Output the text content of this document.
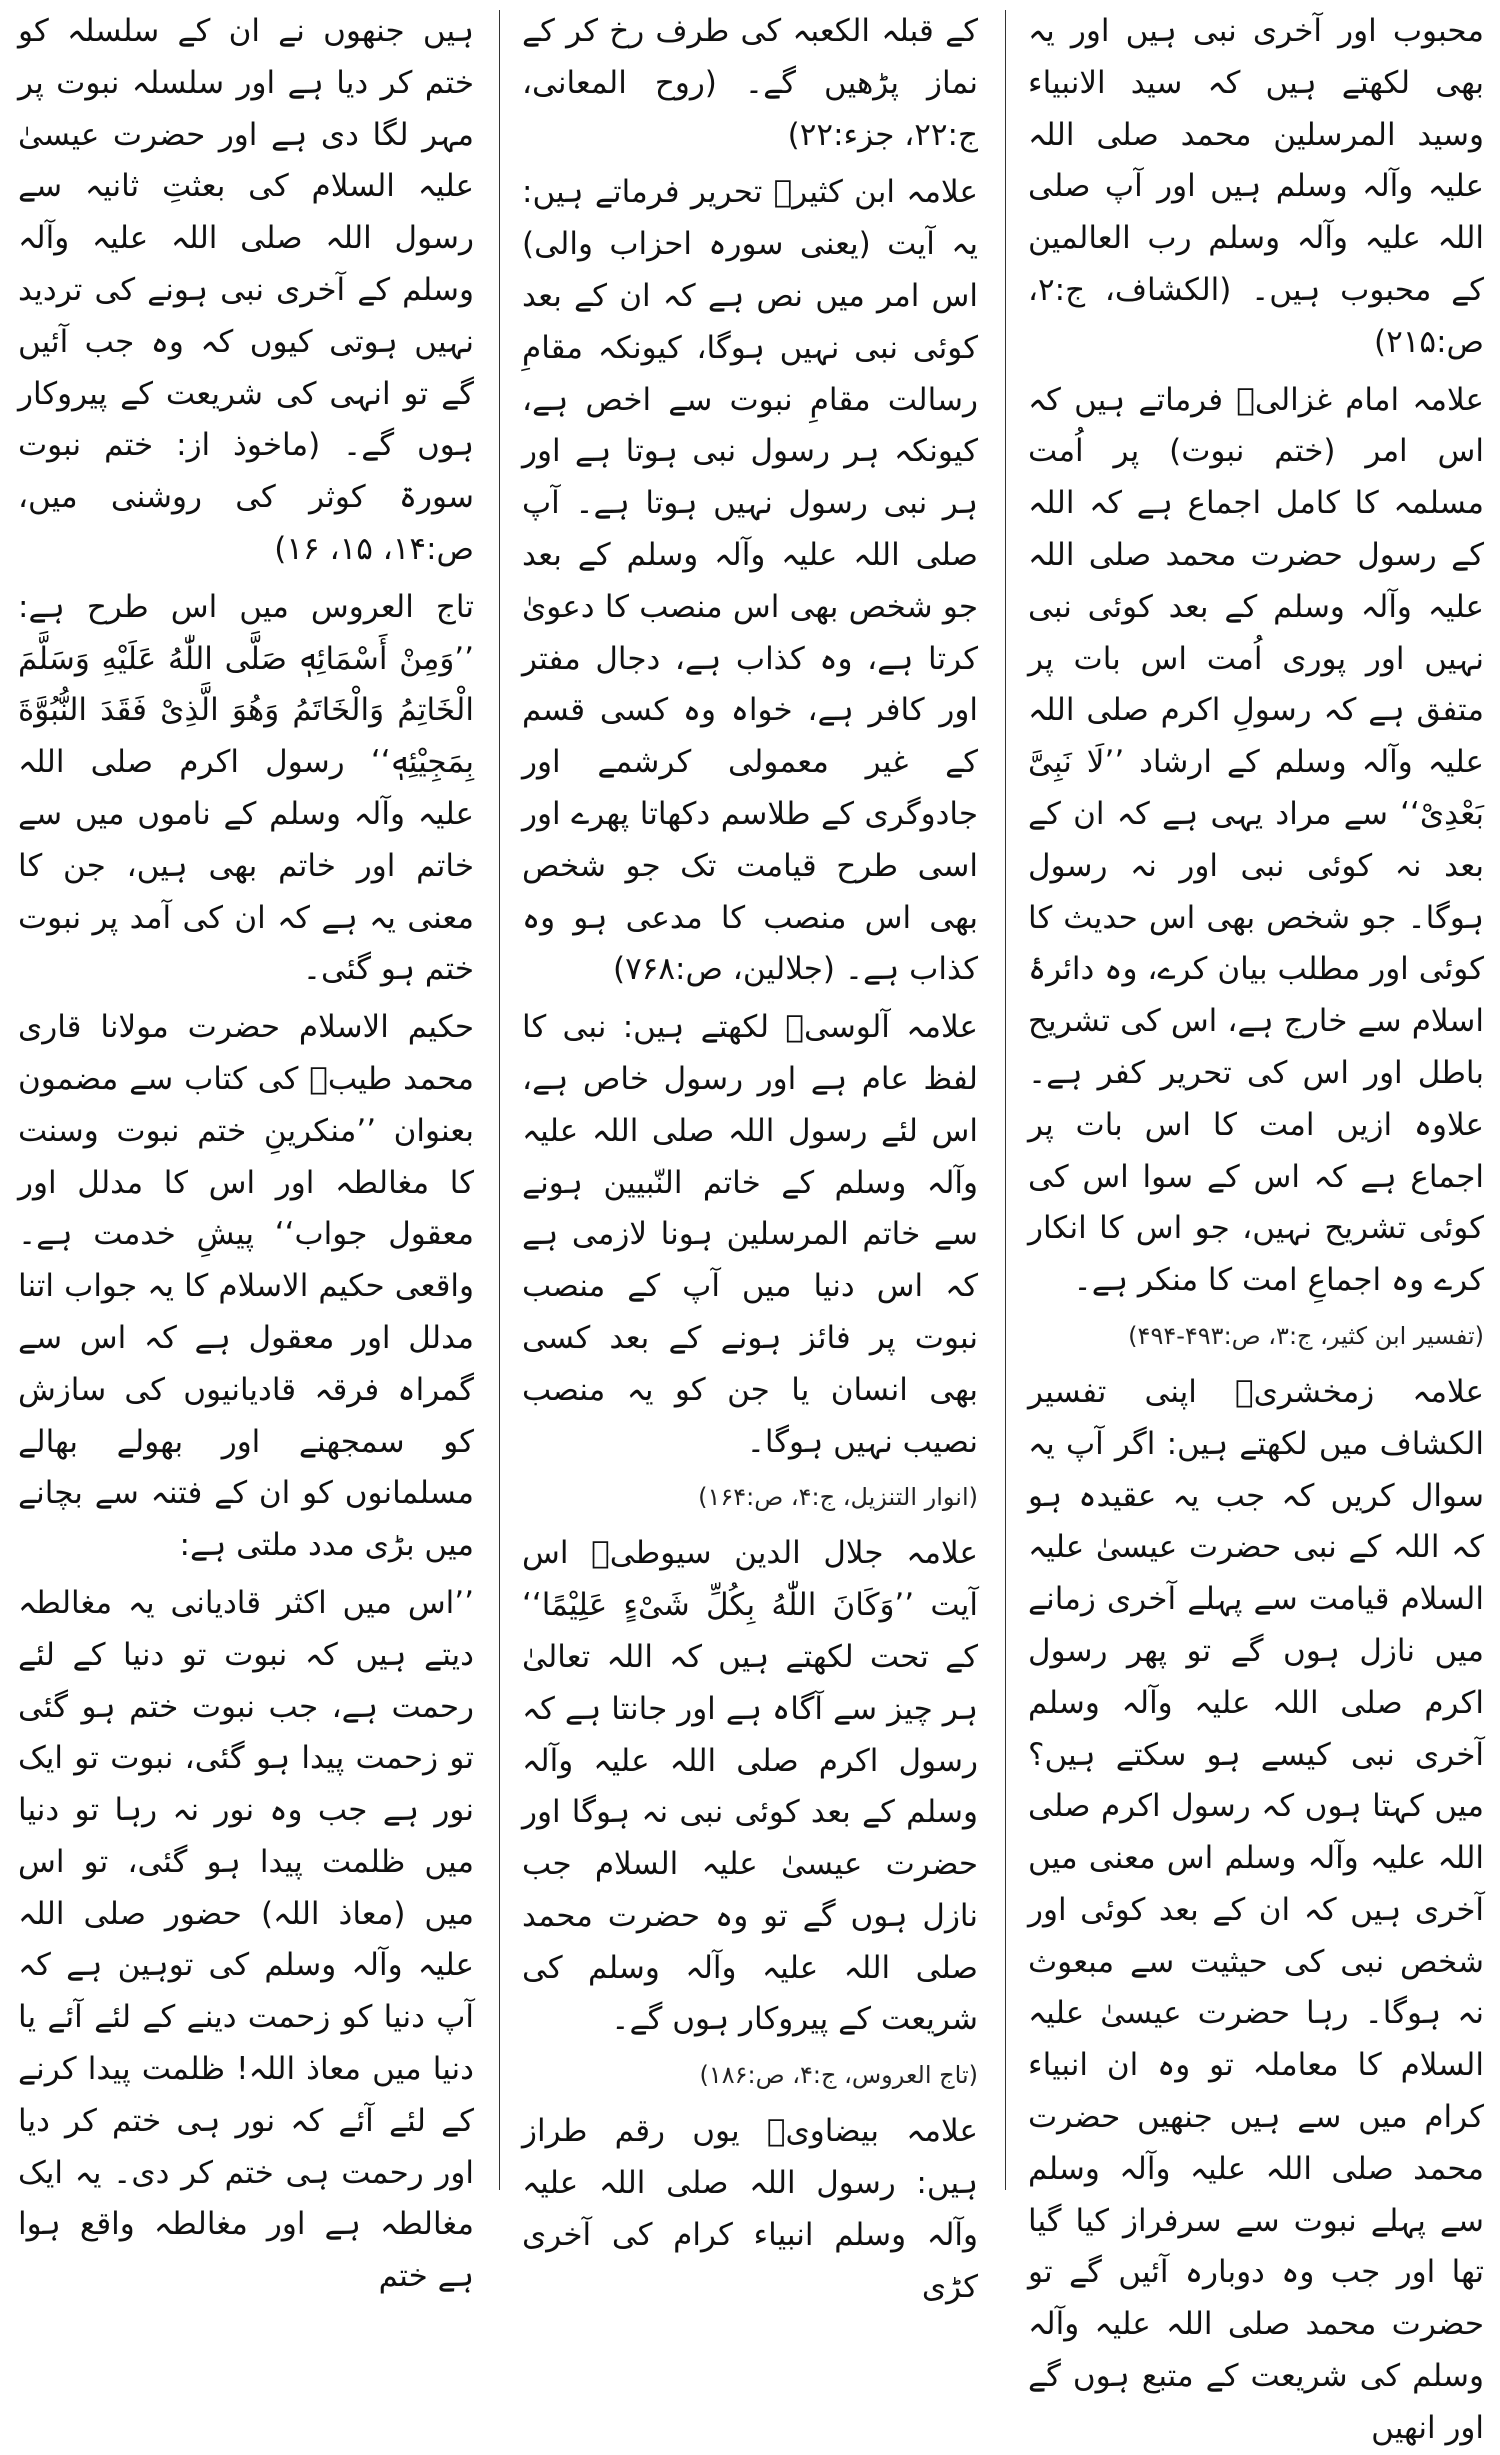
محبوب اور آخری نبی ہیں اور یہ بھی لکھتے ہیں کہ سید الانبیاء وسید المرسلین محمد صلی اللہ علیہ وآلہ وسلم ہیں اور آپ صلی اللہ علیہ وآلہ وسلم رب العالمین کے محبوب ہیں۔ (الکشاف، ج:۲، ص:۲۱۵)

علامہ امام غزالیؒ فرماتے ہیں کہ اس امر (ختم نبوت) پر اُمت مسلمہ کا کامل اجماع ہے کہ اللہ کے رسول حضرت محمد صلی اللہ علیہ وآلہ وسلم کے بعد کوئی نبی نہیں اور پوری اُمت اس بات پر متفق ہے کہ رسولِ اکرم صلی اللہ علیہ وآلہ وسلم کے ارشاد ’’لَا نَبِیَّ بَعْدِیْ‘‘ سے مراد یہی ہے کہ ان کے بعد نہ کوئی نبی اور نہ رسول ہوگا۔ جو شخص بھی اس حدیث کا کوئی اور مطلب بیان کرے، وہ دائرۂ اسلام سے خارج ہے، اس کی تشریح باطل اور اس کی تحریر کفر ہے۔ علاوہ ازیں امت کا اس بات پر اجماع ہے کہ اس کے سوا اس کی کوئی تشریح نہیں، جو اس کا انکار کرے وہ اجماعِ امت کا منکر ہے۔

(تفسیر ابن کثیر، ج:۳، ص:۴۹۳-۴۹۴)

علامہ زمخشریؒ اپنی تفسیر الکشاف میں لکھتے ہیں: اگر آپ یہ سوال کریں کہ جب یہ عقیدہ ہو کہ اللہ کے نبی حضرت عیسیٰ علیہ السلام قیامت سے پہلے آخری زمانے میں نازل ہوں گے تو پھر رسول اکرم صلی اللہ علیہ وآلہ وسلم آخری نبی کیسے ہو سکتے ہیں؟ میں کہتا ہوں کہ رسول اکرم صلی اللہ علیہ وآلہ وسلم اس معنی میں آخری ہیں کہ ان کے بعد کوئی اور شخص نبی کی حیثیت سے مبعوث نہ ہوگا۔ رہا حضرت عیسیٰ علیہ السلام کا معاملہ تو وہ ان انبیاء کرام میں سے ہیں جنھیں حضرت محمد صلی اللہ علیہ وآلہ وسلم سے پہلے نبوت سے سرفراز کیا گیا تھا اور جب وہ دوبارہ آئیں گے تو حضرت محمد صلی اللہ علیہ وآلہ وسلم کی شریعت کے متبع ہوں گے اور انھیں

کے قبلہ الکعبہ کی طرف رخ کر کے نماز پڑھیں گے۔ (روح المعانی، ج:۲۲، جزء:۲۲)

علامہ ابن کثیرؒ تحریر فرماتے ہیں: یہ آیت (یعنی سورہ احزاب والی) اس امر میں نص ہے کہ ان کے بعد کوئی نبی نہیں ہوگا، کیونکہ مقامِ رسالت مقامِ نبوت سے اخص ہے، کیونکہ ہر رسول نبی ہوتا ہے اور ہر نبی رسول نہیں ہوتا ہے۔ آپ صلی اللہ علیہ وآلہ وسلم کے بعد جو شخص بھی اس منصب کا دعویٰ کرتا ہے، وہ کذاب ہے، دجال مفتر اور کافر ہے، خواہ وہ کسی قسم کے غیر معمولی کرشمے اور جادوگری کے طلاسم دکھاتا پھرے اور اسی طرح قیامت تک جو شخص بھی اس منصب کا مدعی ہو وہ کذاب ہے۔ (جلالین، ص:۷۶۸)

علامہ آلوسیؒ لکھتے ہیں: نبی کا لفظ عام ہے اور رسول خاص ہے، اس لئے رسول اللہ صلی اللہ علیہ وآلہ وسلم کے خاتم النّبیین ہونے سے خاتم المرسلین ہونا لازمی ہے کہ اس دنیا میں آپ کے منصب نبوت پر فائز ہونے کے بعد کسی بھی انسان یا جن کو یہ منصب نصیب نہیں ہوگا۔

(انوار التنزیل، ج:۴، ص:۱۶۴)

علامہ جلال الدین سیوطیؒ اس آیت ’’وَكَانَ اللّٰهُ بِكُلِّ شَیْءٍ عَلِیْمًا‘‘ کے تحت لکھتے ہیں کہ اللہ تعالیٰ ہر چیز سے آگاہ ہے اور جانتا ہے کہ رسول اکرم صلی اللہ علیہ وآلہ وسلم کے بعد کوئی نبی نہ ہوگا اور حضرت عیسیٰ علیہ السلام جب نازل ہوں گے تو وہ حضرت محمد صلی اللہ علیہ وآلہ وسلم کی شریعت کے پیروکار ہوں گے۔

(تاج العروس، ج:۴، ص:۱۸۶)

علامہ بیضاویؒ یوں رقم طراز ہیں: رسول اللہ صلی اللہ علیہ وآلہ وسلم انبیاء کرام کی آخری کڑی

ہیں جنھوں نے ان کے سلسلہ کو ختم کر دیا ہے اور سلسلہ نبوت پر مہر لگا دی ہے اور حضرت عیسیٰ علیہ السلام کی بعثتِ ثانیہ سے رسول اللہ صلی اللہ علیہ وآلہ وسلم کے آخری نبی ہونے کی تردید نہیں ہوتی کیوں کہ وہ جب آئیں گے تو انہی کی شریعت کے پیروکار ہوں گے۔ (ماخوذ از: ختم نبوت سورۃ کوثر کی روشنی میں، ص:۱۴، ۱۵، ۱۶)

تاج العروس میں اس طرح ہے: ’’وَمِنْ أَسْمَائِهٖ صَلَّى اللّٰهُ عَلَيْهِ وَسَلَّمَ الْخَاتِمُ وَالْخَاتَمُ وَهُوَ الَّذِیْ فَقَدَ النُّبُوَّةَ بِمَجِيْئِهٖ‘‘ رسول اکرم صلی اللہ علیہ وآلہ وسلم کے ناموں میں سے خاتم اور خاتم بھی ہیں، جن کا معنی یہ ہے کہ ان کی آمد پر نبوت ختم ہو گئی۔

حکیم الاسلام حضرت مولانا قاری محمد طیبؒ کی کتاب سے مضمون بعنوان ’’منکرینِ ختم نبوت وسنت کا مغالطہ اور اس کا مدلل اور معقول جواب‘‘ پیشِ خدمت ہے۔ واقعی حکیم الاسلام کا یہ جواب اتنا مدلل اور معقول ہے کہ اس سے گمراہ فرقہ قادیانیوں کی سازش کو سمجھنے اور بھولے بھالے مسلمانوں کو ان کے فتنہ سے بچانے میں بڑی مدد ملتی ہے:

’’اس میں اکثر قادیانی یہ مغالطہ دیتے ہیں کہ نبوت تو دنیا کے لئے رحمت ہے، جب نبوت ختم ہو گئی تو زحمت پیدا ہو گئی، نبوت تو ایک نور ہے جب وہ نور نہ رہا تو دنیا میں ظلمت پیدا ہو گئی، تو اس میں (معاذ اللہ) حضور صلی اللہ علیہ وآلہ وسلم کی توہین ہے کہ آپ دنیا کو زحمت دینے کے لئے آئے یا دنیا میں معاذ اللہ! ظلمت پیدا کرنے کے لئے آئے کہ نور ہی ختم کر دیا اور رحمت ہی ختم کر دی۔ یہ ایک مغالطہ ہے اور مغالطہ واقع ہوا ہے ختم
